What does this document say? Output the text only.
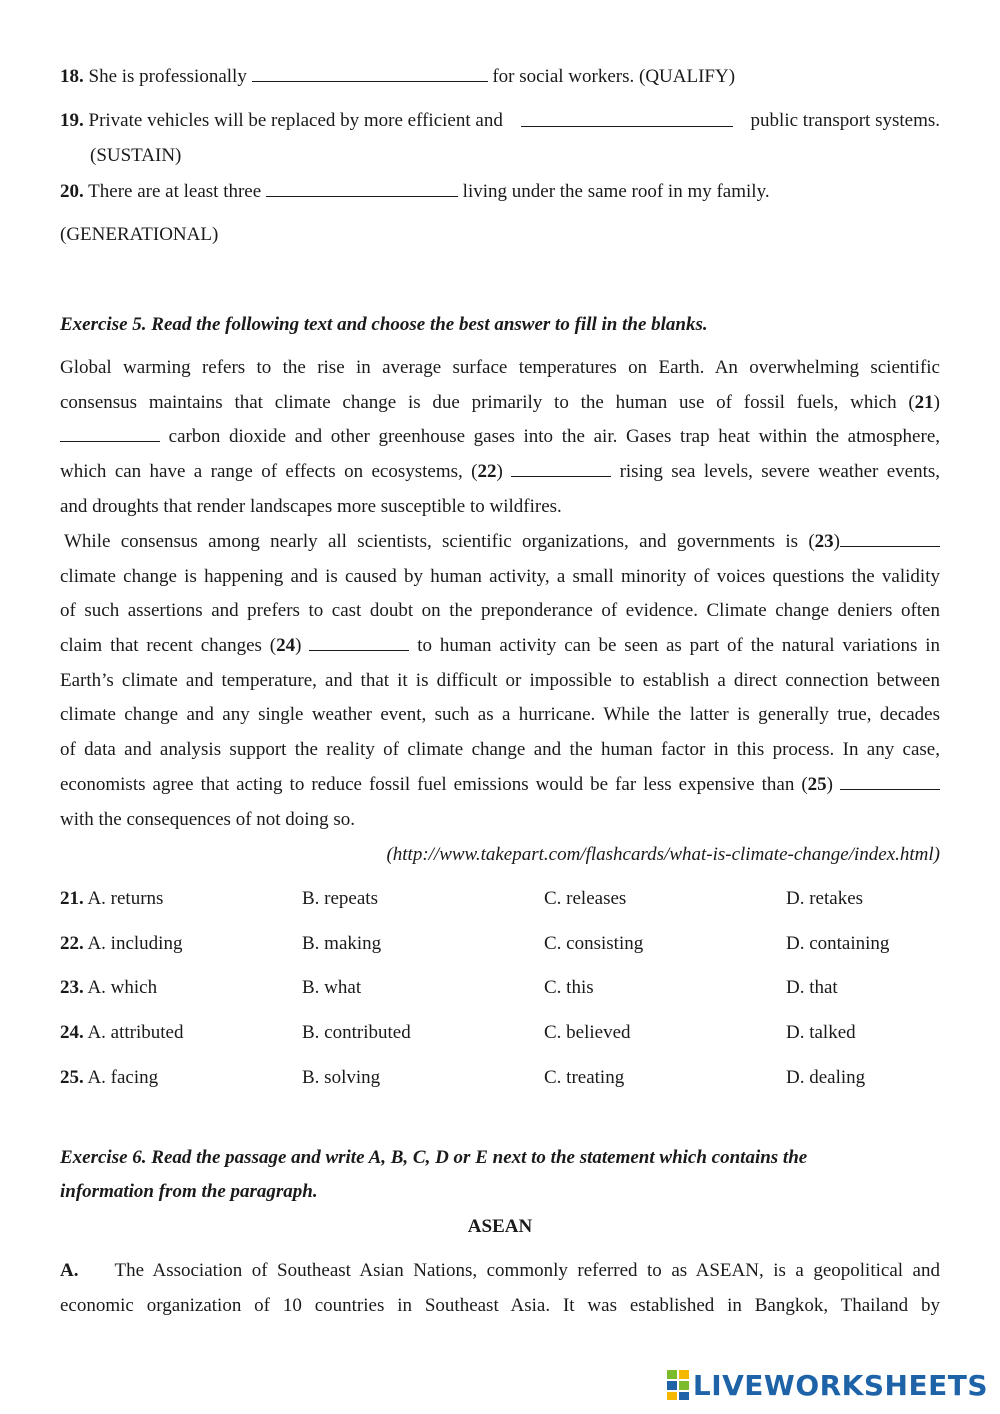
18. She is professionally	for social workers. (QUALIFY)
19. Private vehicles will be replaced by more efficient and	public transport systems.
(SUSTAIN)
20. There are at least three	living under the same roof in my family.
(GENERATIONAL)
Exercise 5. Read the following text and choose the best answer to fill in the blanks.
Global warming refers to the rise in average surface temperatures on Earth. An overwhelming scientific
consensus maintains that climate change is due primarily to the human use of fossil fuels, which (21)
carbon dioxide and other greenhouse gases into the air. Gases trap heat within the atmosphere,
which can have a range of effects on ecosystems, (22)	rising sea levels, severe weather events,
and droughts that render landscapes more susceptible to wildfires.
While consensus among nearly all scientists, scientific organizations, and governments is (23)
climate change is happening and is caused by human activity, a small minority of voices questions the validity
of such assertions and prefers to cast doubt on the preponderance of evidence. Climate change deniers often
claim that recent changes (24)	to human activity can be seen as part of the natural variations in
Earth’s climate and temperature, and that it is difficult or impossible to establish a direct connection between
climate change and any single weather event, such as a hurricane. While the latter is generally true, decades
of data and analysis support the reality of climate change and the human factor in this process. In any case,
economists agree that acting to reduce fossil fuel emissions would be far less expensive than (25)
with the consequences of not doing so.
(http://www.takepart.com/flashcards/what-is-climate-change/index.html)
21. A. returns	B. repeats	C. releases	D. retakes
22. A. including	B. making	C. consisting	D. containing
23. A. which	B. what	C. this	D. that
24. A. attributed	B. contributed	C. believed	D. talked
25. A. facing	B. solving	C. treating	D. dealing
Exercise 6. Read the passage and write A, B, C, D or E next to the statement which contains the
information from the paragraph.
ASEAN
A. The Association of Southeast Asian Nations, commonly referred to as ASEAN, is a geopolitical and
economic organization of 10 countries in Southeast Asia. It was established in Bangkok, Thailand by
LIVEWORKSHEETS
